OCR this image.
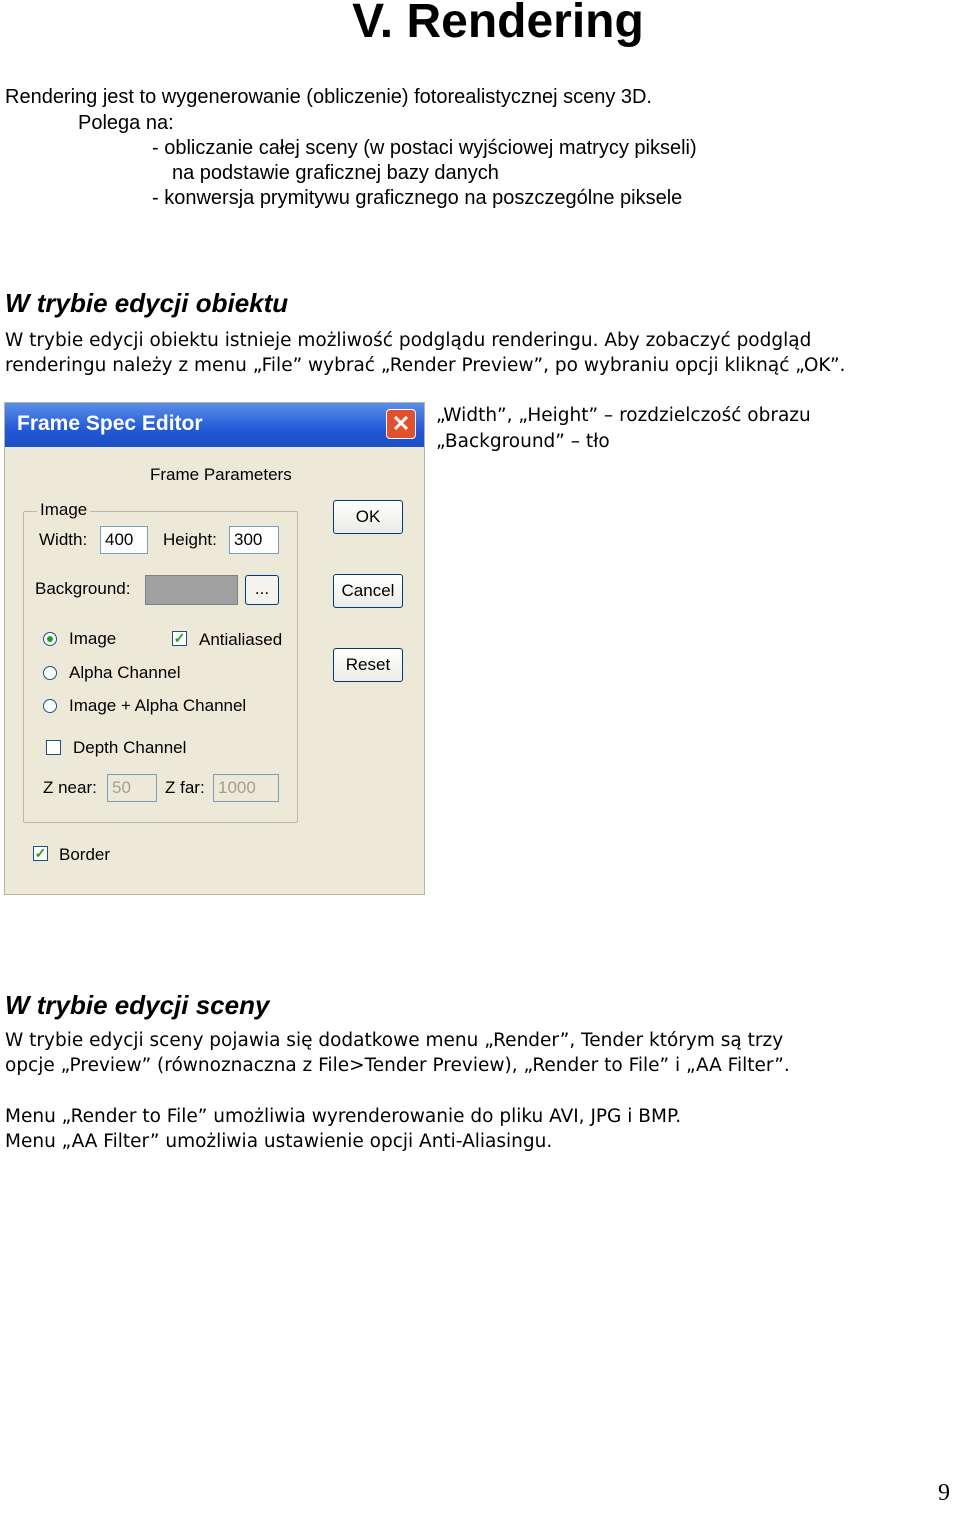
V. Rendering
Rendering jest to wygenerowanie (obliczenie) fotorealistycznej sceny 3D.
Polega na:
- obliczanie całej sceny (w postaci wyjściowej matrycy pikseli)
na podstawie graficznej bazy danych
- konwersja prymitywu graficznego na poszczególne piksele
W trybie edycji obiektu
W trybie edycji obiektu istnieje możliwość podglądu renderingu. Aby zobaczyć podgląd
renderingu należy z menu „File” wybrać „Render Preview”, po wybraniu opcji kliknąć „OK”.
„Width”, „Height” – rozdzielczość obrazu
„Background” – tło
Frame Spec Editor	✕
Frame Parameters
Image
Width: 400	Height: 300
Background:	...
Image	✓ Antialiased
Alpha Channel
Image + Alpha Channel
Depth Channel
Z near: 50	Z far: 1000
✓ Border
OK
Cancel
Reset
W trybie edycji sceny
W trybie edycji sceny pojawia się dodatkowe menu „Render”, Tender którym są trzy
opcje „Preview” (równoznaczna z File>Tender Preview), „Render to File” i „AA Filter”.
Menu „Render to File” umożliwia wyrenderowanie do pliku AVI, JPG i BMP.
Menu „AA Filter” umożliwia ustawienie opcji Anti-Aliasingu.
9
